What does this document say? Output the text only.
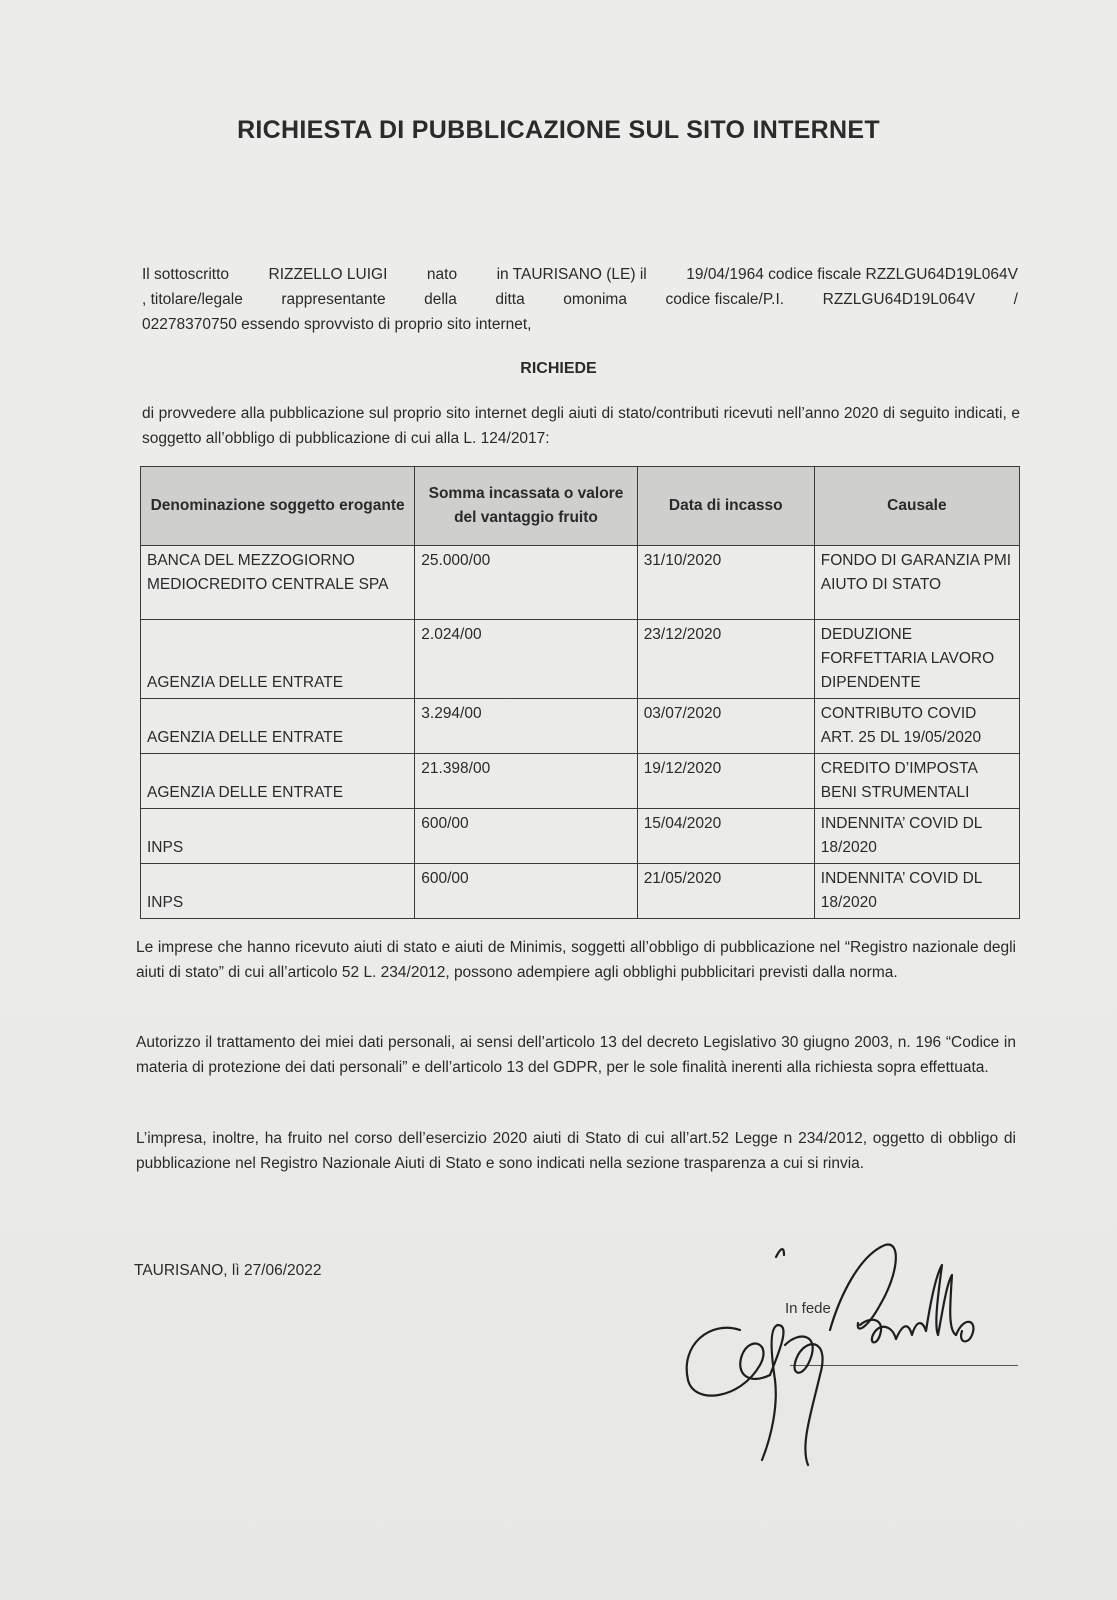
RICHIESTA DI PUBBLICAZIONE SUL SITO INTERNET
Il sottoscritto	RIZZELLO LUIGI	nato	in TAURISANO (LE) il	19/04/1964 codice fiscale RZZLGU64D19L064V
, titolare/legale rappresentante della ditta omonima codice fiscale/P.I. RZZLGU64D19L064V /
02278370750 essendo sprovvisto di proprio sito internet,
RICHIEDE
di provvedere alla pubblicazione sul proprio sito internet degli aiuti di stato/contributi ricevuti nell’anno 2020 di seguito indicati, e soggetto all’obbligo di pubblicazione di cui alla L. 124/2017:
Denominazione soggetto erogante	Somma incassata o valore del vantaggio fruito	Data di incasso	Causale
BANCA DEL MEZZOGIORNO MEDIOCREDITO CENTRALE SPA	25.000/00	31/10/2020	FONDO DI GARANZIA PMI AIUTO DI STATO
AGENZIA DELLE ENTRATE	2.024/00	23/12/2020	DEDUZIONE FORFETTARIA LAVORO DIPENDENTE
AGENZIA DELLE ENTRATE	3.294/00	03/07/2020	CONTRIBUTO COVID ART. 25 DL 19/05/2020
AGENZIA DELLE ENTRATE	21.398/00	19/12/2020	CREDITO D’IMPOSTA BENI STRUMENTALI
INPS	600/00	15/04/2020	INDENNITA’ COVID DL 18/2020
INPS	600/00	21/05/2020	INDENNITA’ COVID DL 18/2020
Le imprese che hanno ricevuto aiuti di stato e aiuti de Minimis, soggetti all’obbligo di pubblicazione nel “Registro nazionale degli aiuti di stato” di cui all’articolo 52 L. 234/2012, possono adempiere agli obblighi pubblicitari previsti dalla norma.
Autorizzo il trattamento dei miei dati personali, ai sensi dell’articolo 13 del decreto Legislativo 30 giugno 2003, n. 196 “Codice in materia di protezione dei dati personali” e dell’articolo 13 del GDPR, per le sole finalità inerenti alla richiesta sopra effettuata.
L’impresa, inoltre, ha fruito nel corso dell’esercizio 2020 aiuti di Stato di cui all’art.52 Legge n 234/2012, oggetto di obbligo di pubblicazione nel Registro Nazionale Aiuti di Stato e sono indicati nella sezione trasparenza a cui si rinvia.
TAURISANO, lì 27/06/2022
In fede
